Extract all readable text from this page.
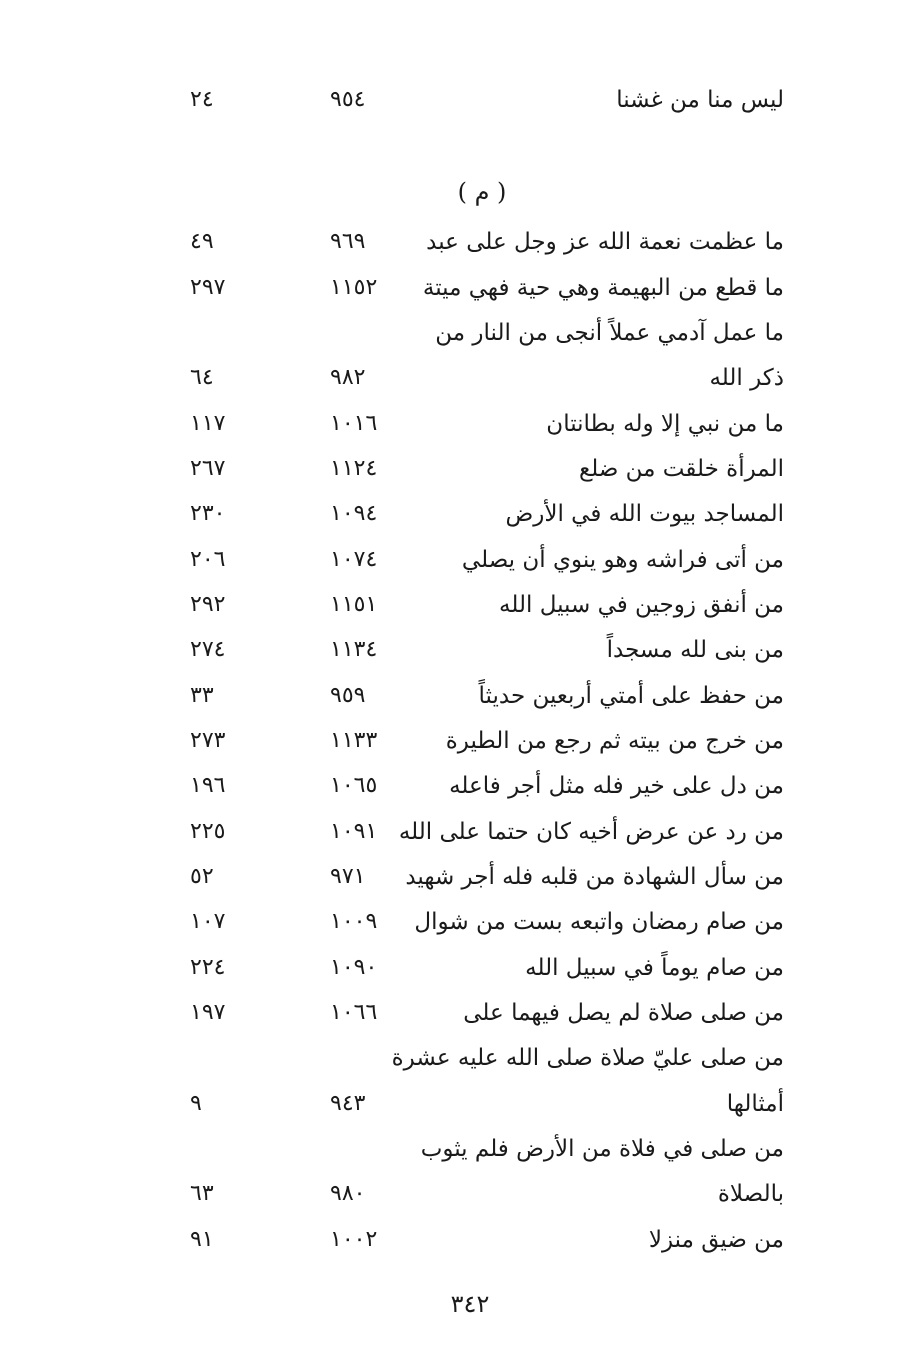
ليس منا من غشنا
٩٥٤
٢٤
( م )
ما عظمت نعمة الله عز وجل على عبد
٩٦٩
٤٩
ما قطع من البهيمة وهي حية فهي ميتة
١١٥٢
٢٩٧
ما عمل آدمي عملاً أنجى من النار من
ذكر الله
٩٨٢
٦٤
ما من نبي إلا وله بطانتان
١٠١٦
١١٧
المرأة خلقت من ضلع
١١٢٤
٢٦٧
المساجد بيوت الله في الأرض
١٠٩٤
٢٣٠
من أتى فراشه وهو ينوي أن يصلي
١٠٧٤
٢٠٦
من أنفق زوجين في سبيل الله
١١٥١
٢٩٢
من بنى لله مسجداً
١١٣٤
٢٧٤
من حفظ على أمتي أربعين حديثاً
٩٥٩
٣٣
من خرج من بيته ثم رجع من الطيرة
١١٣٣
٢٧٣
من دل على خير فله مثل أجر فاعله
١٠٦٥
١٩٦
من رد عن عرض أخيه كان حتما على الله
١٠٩١
٢٢٥
من سأل الشهادة من قلبه فله أجر شهيد
٩٧١
٥٢
من صام رمضان واتبعه بست من شوال
١٠٠٩
١٠٧
من صام يوماً في سبيل الله
١٠٩٠
٢٢٤
من صلى صلاة لم يصل فيهما على
١٠٦٦
١٩٧
من صلى عليّ صلاة صلى الله عليه عشرة
أمثالها
٩٤٣
٩
من صلى في فلاة من الأرض فلم يثوب
بالصلاة
٩٨٠
٦٣
من ضيق منزلا
١٠٠٢
٩١
٣٤٢
